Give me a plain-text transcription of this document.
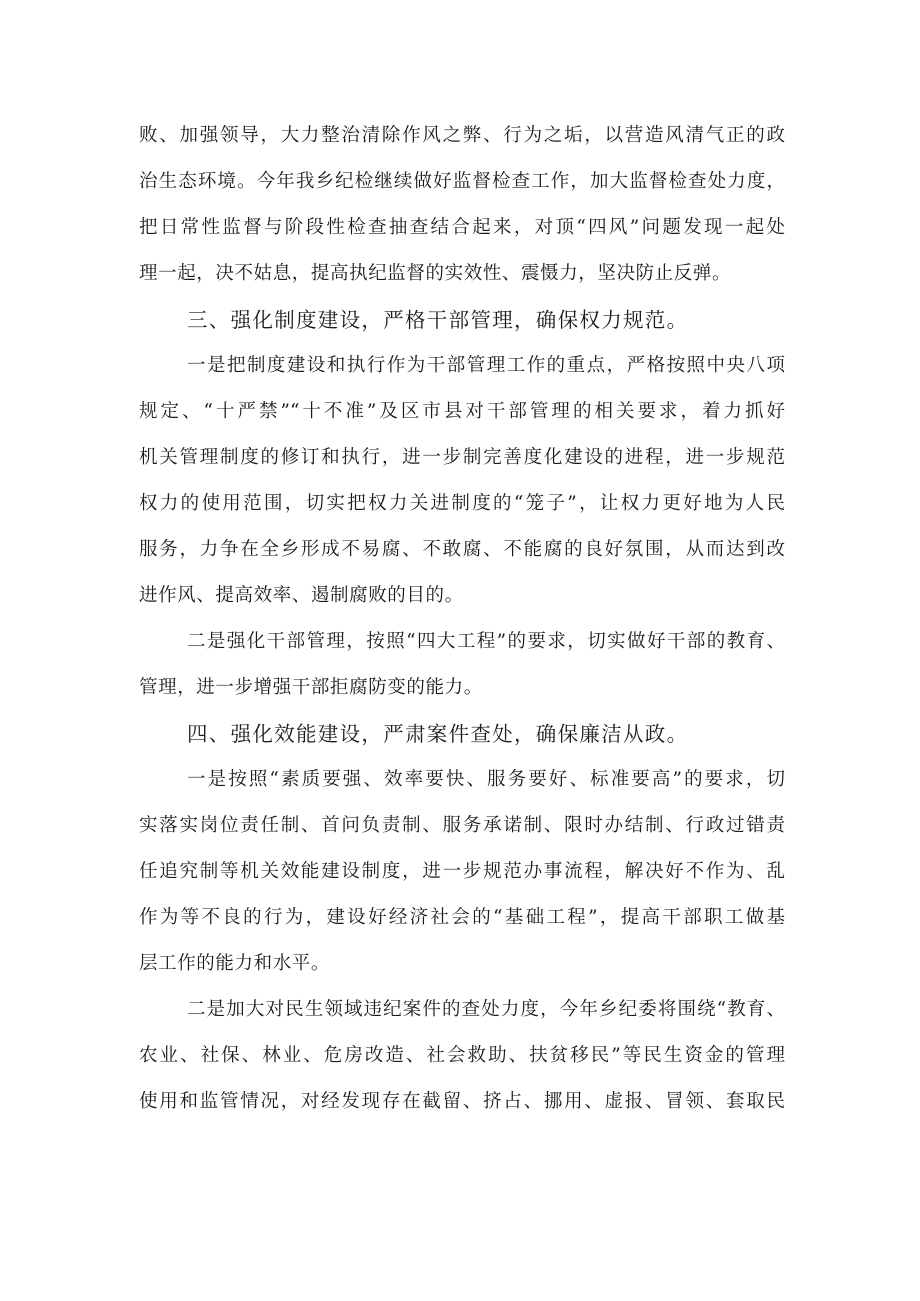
败、加强领导，大力整治清除作风之弊、行为之垢，以营造风清气正的政
治生态环境。今年我乡纪检继续做好监督检查工作，加大监督检查处力度，
把日常性监督与阶段性检查抽查结合起来，对顶“四风”问题发现一起处
理一起，决不姑息，提高执纪监督的实效性、震慑力，坚决防止反弹。
三、强化制度建设，严格干部管理，确保权力规范。
一是把制度建设和执行作为干部管理工作的重点，严格按照中央八项
规定、“十严禁”“十不准”及区市县对干部管理的相关要求，着力抓好
机关管理制度的修订和执行，进一步制完善度化建设的进程，进一步规范
权力的使用范围，切实把权力关进制度的“笼子”，让权力更好地为人民
服务，力争在全乡形成不易腐、不敢腐、不能腐的良好氛围，从而达到改
进作风、提高效率、遏制腐败的目的。
二是强化干部管理，按照“四大工程”的要求，切实做好干部的教育、
管理，进一步增强干部拒腐防变的能力。
四、强化效能建设，严肃案件查处，确保廉洁从政。
一是按照“素质要强、效率要快、服务要好、标准要高”的要求，切
实落实岗位责任制、首问负责制、服务承诺制、限时办结制、行政过错责
任追究制等机关效能建设制度，进一步规范办事流程，解决好不作为、乱
作为等不良的行为，建设好经济社会的“基础工程”，提高干部职工做基
层工作的能力和水平。
二是加大对民生领域违纪案件的查处力度，今年乡纪委将围绕“教育、
农业、社保、林业、危房改造、社会救助、扶贫移民”等民生资金的管理
使用和监管情况，对经发现存在截留、挤占、挪用、虚报、冒领、套取民
